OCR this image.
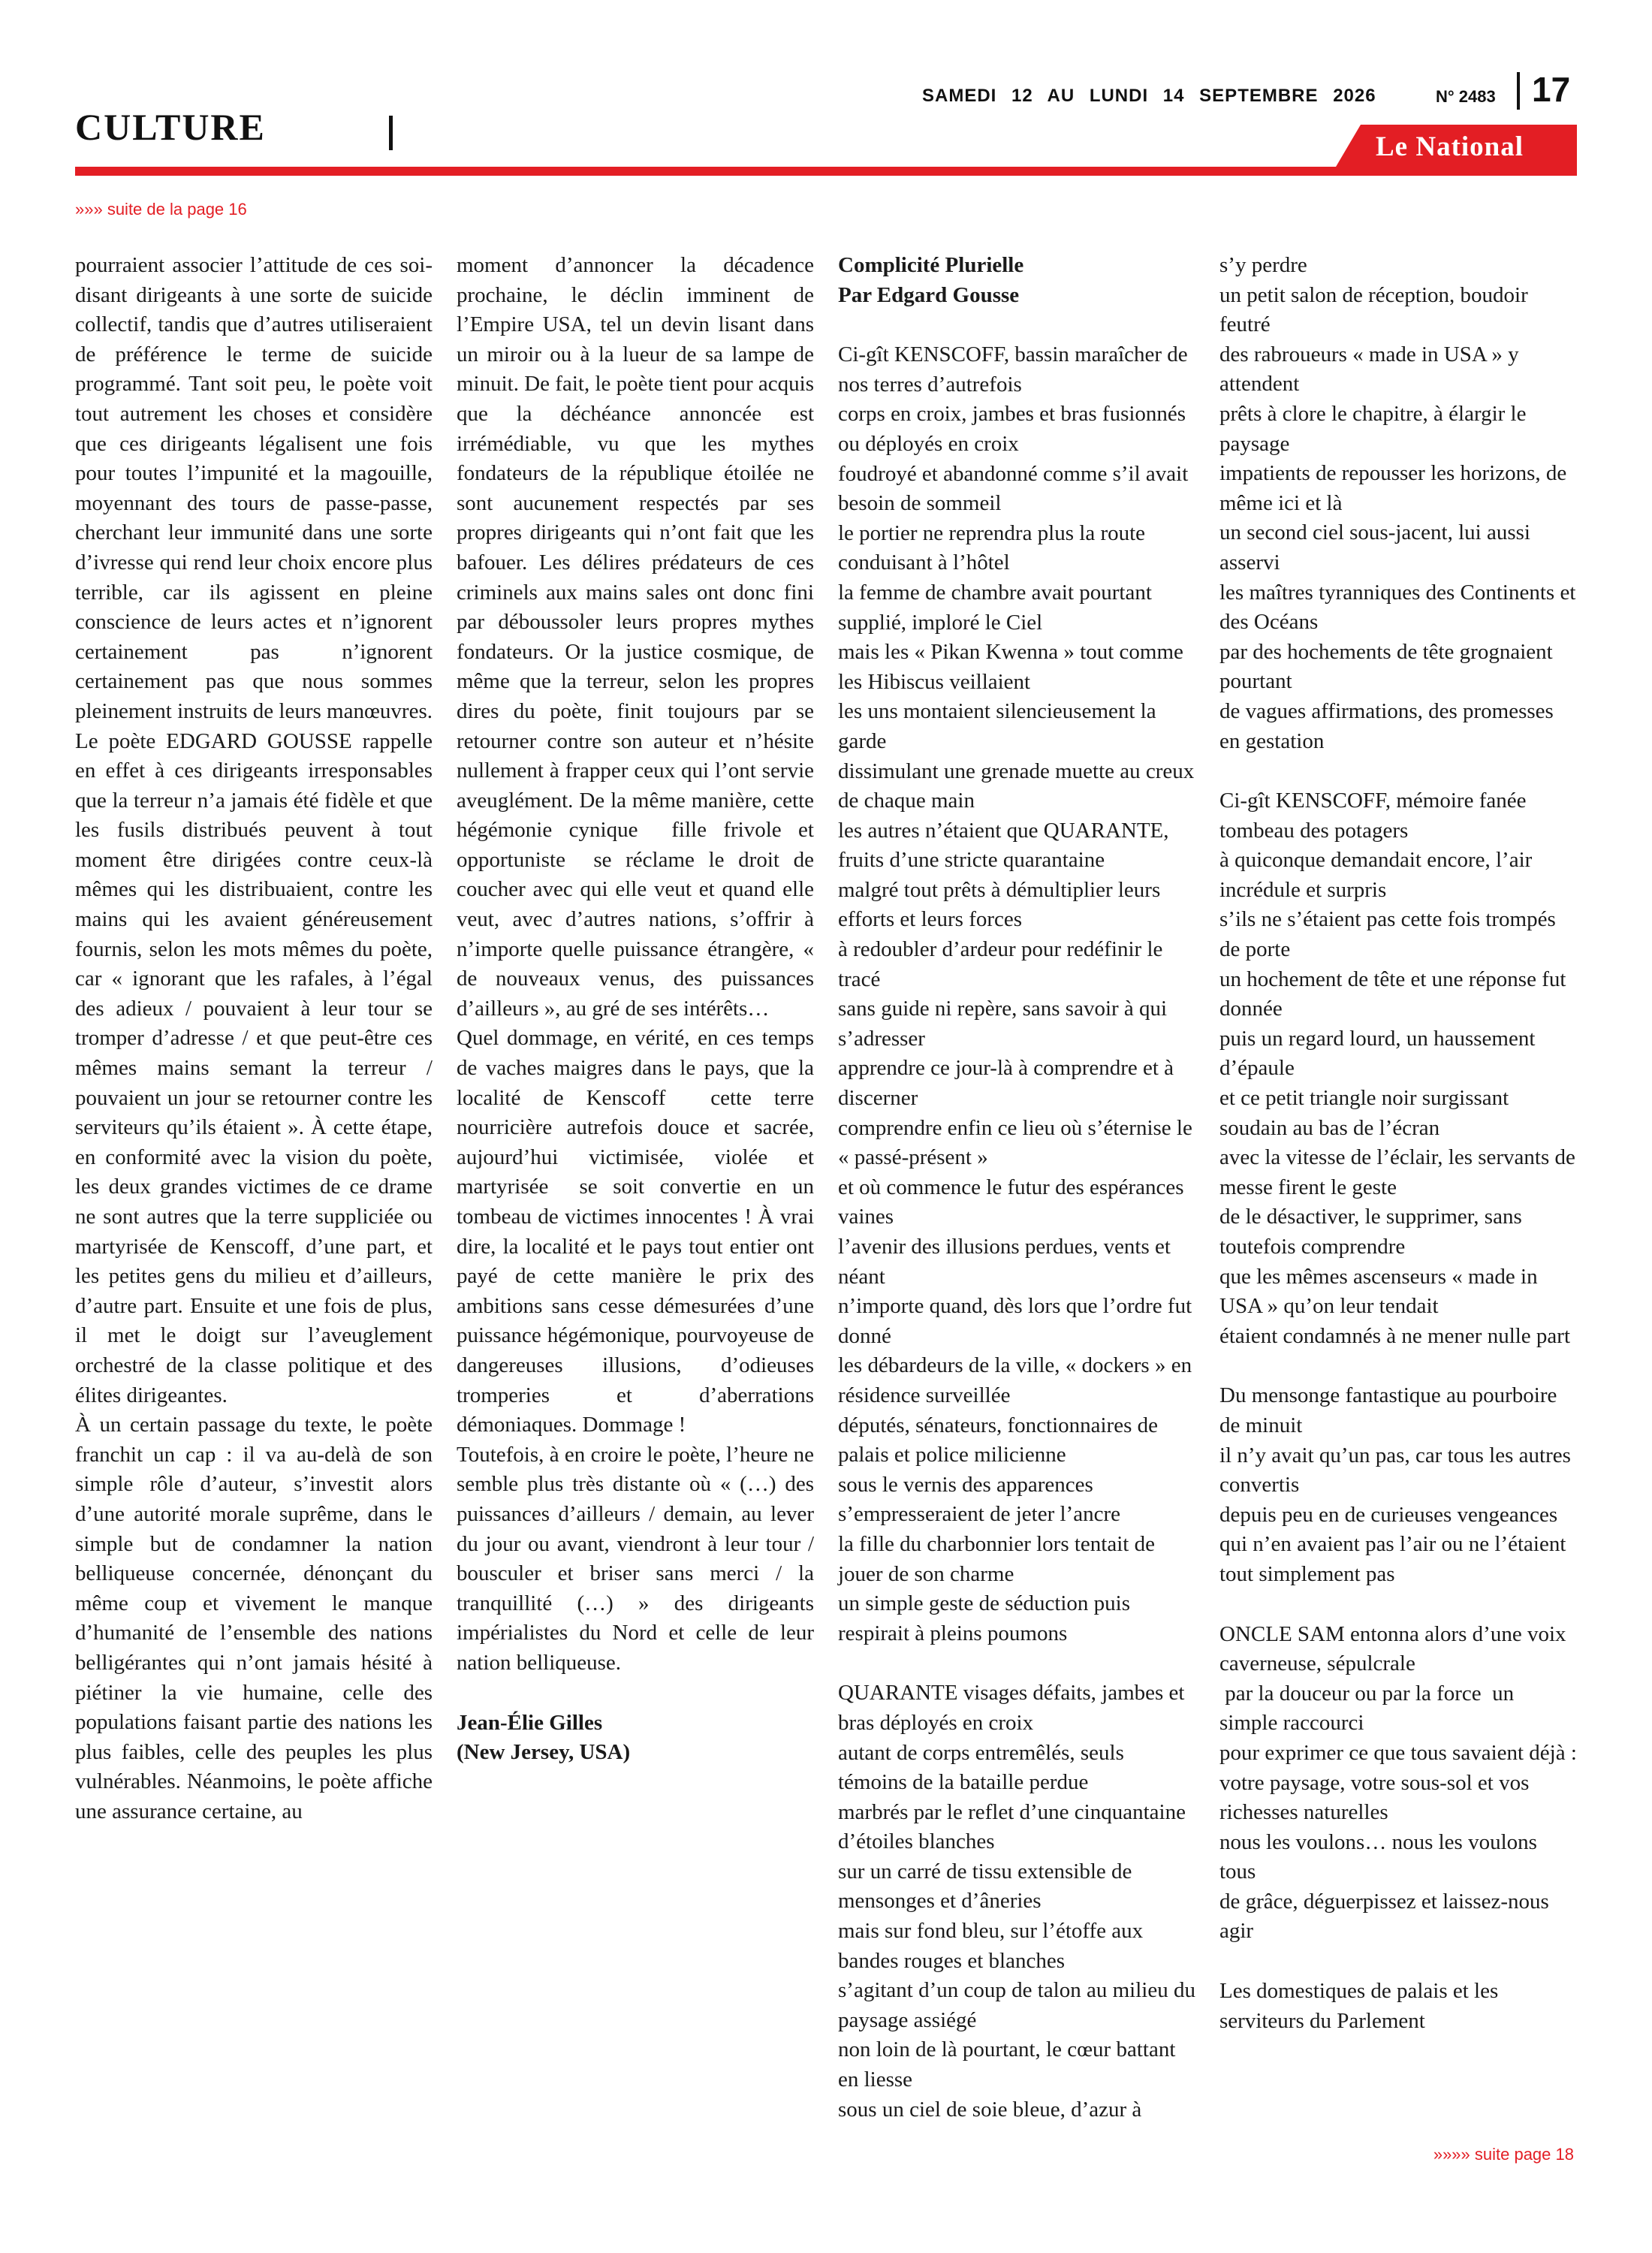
CULTURE
SAMEDI 12 AU LUNDI 14 SEPTEMBRE 2026	N° 2483 17
Le National
»»» suite de la page 16

pourraient associer l’attitude de ces soi-disant dirigeants à une sorte de suicide collectif, tandis que d’autres utiliseraient de préférence le terme de suicide programmé. Tant soit peu, le poète voit tout autrement les choses et considère que ces dirigeants légalisent une fois pour toutes l’impunité et la magouille, moyennant des tours de passe-passe, cherchant leur immunité dans une sorte d’ivresse qui rend leur choix encore plus terrible, car ils agissent en pleine conscience de leurs actes et n’ignorent certainement pas n’ignorent certainement pas que nous sommes pleinement instruits de leurs manœuvres.

Le poète EDGARD GOUSSE rappelle en effet à ces dirigeants irresponsables que la terreur n’a jamais été fidèle et que les fusils distribués peuvent à tout moment être dirigées contre ceux-là mêmes qui les distribuaient, contre les mains qui les avaient généreusement fournis, selon les mots mêmes du poète, car « ignorant que les rafales, à l’égal des adieux / pouvaient à leur tour se tromper d’adresse / et que peut-être ces mêmes mains semant la terreur / pouvaient un jour se retourner contre les serviteurs qu’ils étaient ». À cette étape, en conformité avec la vision du poète, les deux grandes victimes de ce drame ne sont autres que la terre suppliciée ou martyrisée de Kenscoff, d’une part, et les petites gens du milieu et d’ailleurs, d’autre part. Ensuite et une fois de plus, il met le doigt sur l’aveuglement orchestré de la classe politique et des élites dirigeantes.

À un certain passage du texte, le poète franchit un cap : il va au-delà de son simple rôle d’auteur, s’investit alors d’une autorité morale suprême, dans le simple but de condamner la nation belliqueuse concernée, dénonçant du même coup et vivement le manque d’humanité de l’ensemble des nations belligérantes qui n’ont jamais hésité à piétiner la vie humaine, celle des populations faisant partie des nations les plus faibles, celle des peuples les plus vulnérables. Néanmoins, le poète affiche une assurance certaine, au

moment d’annoncer la décadence prochaine, le déclin imminent de l’Empire USA, tel un devin lisant dans un miroir ou à la lueur de sa lampe de minuit. De fait, le poète tient pour acquis que la déchéance annoncée est irrémédiable, vu que les mythes fondateurs de la république étoilée ne sont aucunement respectés par ses propres dirigeants qui n’ont fait que les bafouer. Les délires prédateurs de ces criminels aux mains sales ont donc fini par déboussoler leurs propres mythes fondateurs. Or la justice cosmique, de même que la terreur, selon les propres dires du poète, finit toujours par se retourner contre son auteur et n’hésite nullement à frapper ceux qui l’ont servie aveuglément. De la même manière, cette hégémonie cynique ⁠ fille frivole et opportuniste ⁠ se réclame le droit de coucher avec qui elle veut et quand elle veut, avec d’autres nations, s’offrir à n’importe quelle puissance étrangère, « de nouveaux venus, des puissances d’ailleurs », au gré de ses intérêts…

Quel dommage, en vérité, en ces temps de vaches maigres dans le pays, que la localité de Kenscoff ⁠ cette terre nourricière autrefois douce et sacrée, aujourd’hui victimisée, violée et martyrisée ⁠ se soit convertie en un tombeau de victimes innocentes ! À vrai dire, la localité et le pays tout entier ont payé de cette manière le prix des ambitions sans cesse démesurées d’une puissance hégémonique, pourvoyeuse de dangereuses illusions, d’odieuses tromperies et d’aberrations démoniaques. Dommage !

Toutefois, à en croire le poète, l’heure ne semble plus très distante où « (…) des puissances d’ailleurs / demain, au lever du jour ou avant, viendront à leur tour / bousculer et briser sans merci / la tranquillité (…) » des dirigeants impérialistes du Nord et celle de leur nation belliqueuse.

Jean-Élie Gilles

(New Jersey, USA)

Complicité Plurielle
Par Edgard Gousse

Ci-gît KENSCOFF, bassin maraîcher de nos terres d’autrefois

corps en croix, jambes et bras fusionnés ou déployés en croix

foudroyé et abandonné comme s’il avait besoin de sommeil

le portier ne reprendra plus la route conduisant à l’hôtel

la femme de chambre avait pourtant supplié, imploré le Ciel

mais les « Pikan Kwenna » tout comme les Hibiscus veillaient

les uns montaient silencieusement la garde

dissimulant une grenade muette au creux de chaque main

les autres n’étaient que QUARANTE, fruits d’une stricte quarantaine

malgré tout prêts à démultiplier leurs efforts et leurs forces

à redoubler d’ardeur pour redéfinir le tracé

sans guide ni repère, sans savoir à qui s’adresser

apprendre ce jour-là à comprendre et à discerner

comprendre enfin ce lieu où s’éternise le « passé-présent »

et où commence le futur des espérances vaines

l’avenir des illusions perdues, vents et néant

n’importe quand, dès lors que l’ordre fut donné

les débardeurs de la ville, « dockers » en résidence surveillée

députés, sénateurs, fonctionnaires de palais et police milicienne

sous le vernis des apparences s’empresseraient de jeter l’ancre

la fille du charbonnier lors tentait de jouer de son charme

un simple geste de séduction puis respirait à pleins poumons

QUARANTE visages défaits, jambes et bras déployés en croix

autant de corps entremêlés, seuls témoins de la bataille perdue

marbrés par le reflet d’une cinquantaine d’étoiles blanches

sur un carré de tissu extensible de mensonges et d’âneries

mais sur fond bleu, sur l’étoffe aux bandes rouges et blanches

s’agitant d’un coup de talon au milieu du paysage assiégé

non loin de là pourtant, le cœur battant en liesse

sous un ciel de soie bleue, d’azur à

s’y perdre

un petit salon de réception, boudoir feutré

des rabroueurs « made in USA » y attendent

prêts à clore le chapitre, à élargir le paysage

impatients de repousser les horizons, de même ici et là

un second ciel sous-jacent, lui aussi asservi

les maîtres tyranniques des Continents et des Océans

par des hochements de tête grognaient pourtant

de vagues affirmations, des promesses en gestation

Ci-gît KENSCOFF, mémoire fanée tombeau des potagers

à quiconque demandait encore, l’air incrédule et surpris

s’ils ne s’étaient pas cette fois trompés de porte

un hochement de tête et une réponse fut donnée

puis un regard lourd, un haussement d’épaule

et ce petit triangle noir surgissant soudain au bas de l’écran

avec la vitesse de l’éclair, les servants de messe firent le geste

de le désactiver, le supprimer, sans toutefois comprendre

que les mêmes ascenseurs « made in USA » qu’on leur tendait

étaient condamnés à ne mener nulle part

Du mensonge fantastique au pourboire de minuit

il n’y avait qu’un pas, car tous les autres convertis

depuis peu en de curieuses vengeances

qui n’en avaient pas l’air ou ne l’étaient tout simplement pas

ONCLE SAM entonna alors d’une voix caverneuse, sépulcrale

⁠ par la douceur ou par la force ⁠ un simple raccourci

pour exprimer ce que tous savaient déjà :

votre paysage, votre sous-sol et vos richesses naturelles

nous les voulons… nous les voulons tous

de grâce, déguerpissez et laissez-nous agir

Les domestiques de palais et les serviteurs du Parlement

»»»» suite page 18
